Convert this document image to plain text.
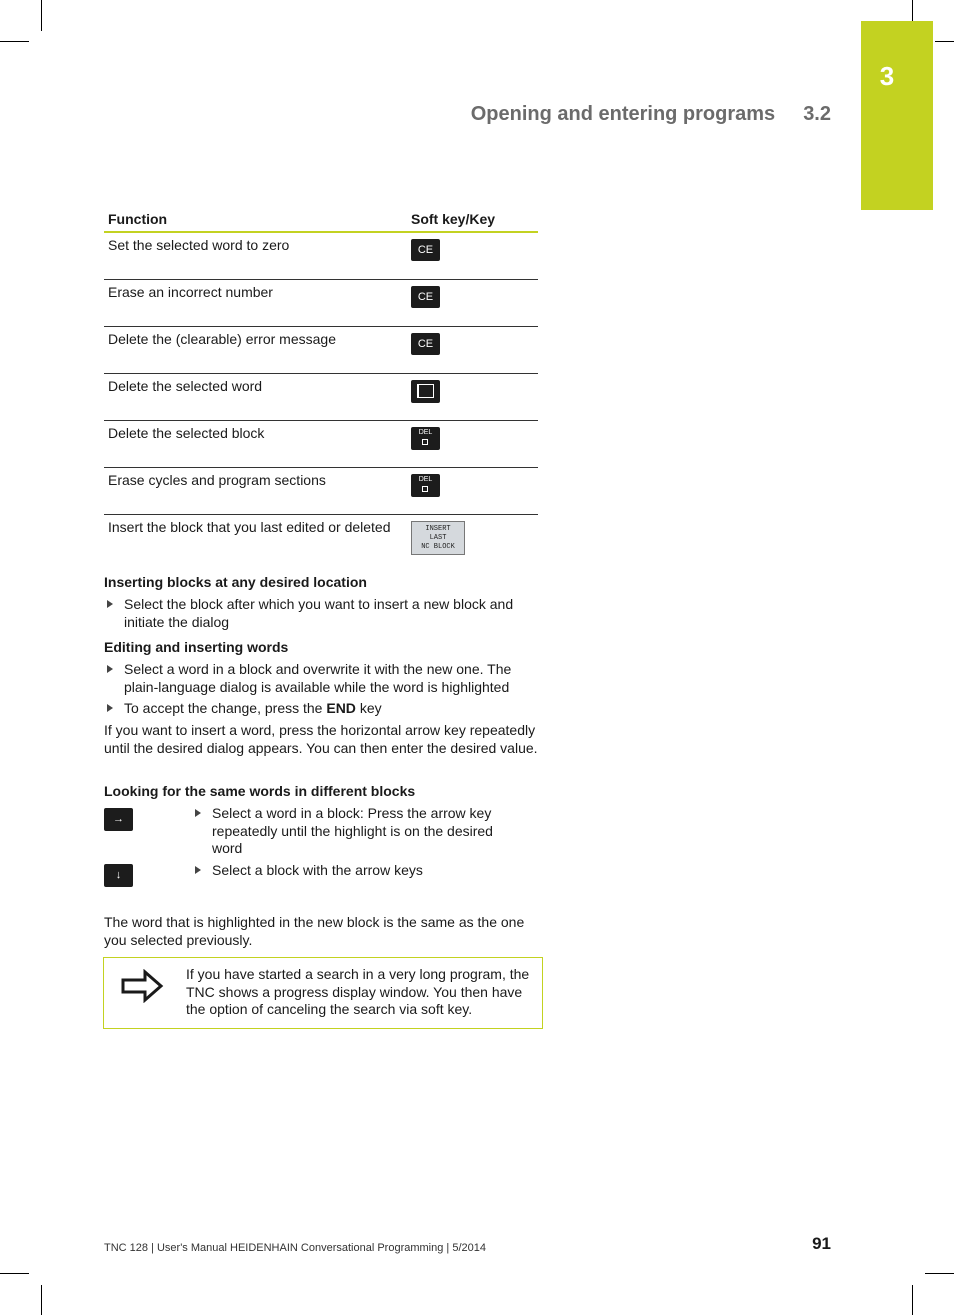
3
Opening and entering programs 3.2
Function	Soft key/Key
Set the selected word to zero	CE
Erase an incorrect number	CE
Delete the (clearable) error message	CE
Delete the selected word	

Delete the selected block	DEL

Erase cycles and program sections	DEL

Insert the block that you last edited or deleted	INSERT
LAST
NC BLOCK
Inserting blocks at any desired location
Select the block after which you want to insert a new block and initiate the dialog
Editing and inserting words
Select a word in a block and overwrite it with the new one. The plain-language dialog is available while the word is highlighted
To accept the change, press the END key
If you want to insert a word, press the horizontal arrow key repeatedly until the desired dialog appears. You can then enter the desired value.
Looking for the same words in different blocks
→	Select a word in a block: Press the arrow key repeatedly until the highlight is on the desired word
↓	Select a block with the arrow keys
The word that is highlighted in the new block is the same as the one you selected previously.
If you have started a search in a very long program, the TNC shows a progress display window. You then have the option of canceling the search via soft key.
TNC 128 | User's Manual HEIDENHAIN Conversational Programming | 5/2014	91
